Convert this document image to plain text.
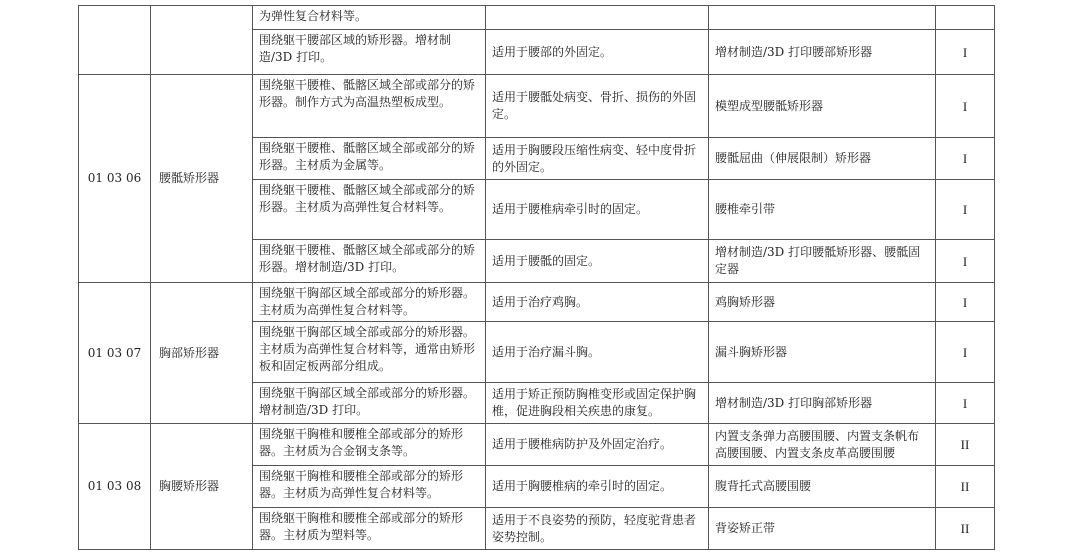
		为弹性复合材料等。			
		围绕躯干腰部区域的矫形器。增材制造/3D 打印。	适用于腰部的外固定。	增材制造/3D 打印腰部矫形器	I
01 03 06	腰骶矫形器	围绕躯干腰椎、骶髂区域全部或部分的矫形器。制作方式为高温热塑板成型。	适用于腰骶处病变、骨折、损伤的外固定。	模塑成型腰骶矫形器	I
		围绕躯干腰椎、骶髂区域全部或部分的矫形器。主材质为金属等。	适用于胸腰段压缩性病变、轻中度骨折的外固定。	腰骶屈曲（伸展限制）矫形器	I
		围绕躯干腰椎、骶髂区域全部或部分的矫形器。主材质为高弹性复合材料等。	适用于腰椎病牵引时的固定。	腰椎牵引带	I
		围绕躯干腰椎、骶髂区域全部或部分的矫形器。增材制造/3D 打印。	适用于腰骶的固定。	增材制造/3D 打印腰骶矫形器、腰骶固定器	I
01 03 07	胸部矫形器	围绕躯干胸部区域全部或部分的矫形器。主材质为高弹性复合材料等。	适用于治疗鸡胸。	鸡胸矫形器	I
		围绕躯干胸部区域全部或部分的矫形器。主材质为高弹性复合材料等，通常由矫形板和固定板两部分组成。	适用于治疗漏斗胸。	漏斗胸矫形器	I
		围绕躯干胸部区域全部或部分的矫形器。增材制造/3D 打印。	适用于矫正预防胸椎变形或固定保护胸椎，促进胸段相关疾患的康复。	增材制造/3D 打印胸部矫形器	I
01 03 08	胸腰矫形器	围绕躯干胸椎和腰椎全部或部分的矫形器。主材质为合金钢支条等。	适用于腰椎病防护及外固定治疗。	内置支条弹力高腰围腰、内置支条帆布高腰围腰、内置支条皮革高腰围腰	II
		围绕躯干胸椎和腰椎全部或部分的矫形器。主材质为高弹性复合材料等。	适用于胸腰椎病的牵引时的固定。	腹背托式高腰围腰	II
		围绕躯干胸椎和腰椎全部或部分的矫形器。主材质为塑料等。	适用于不良姿势的预防，轻度驼背患者姿势控制。	背姿矫正带	II
